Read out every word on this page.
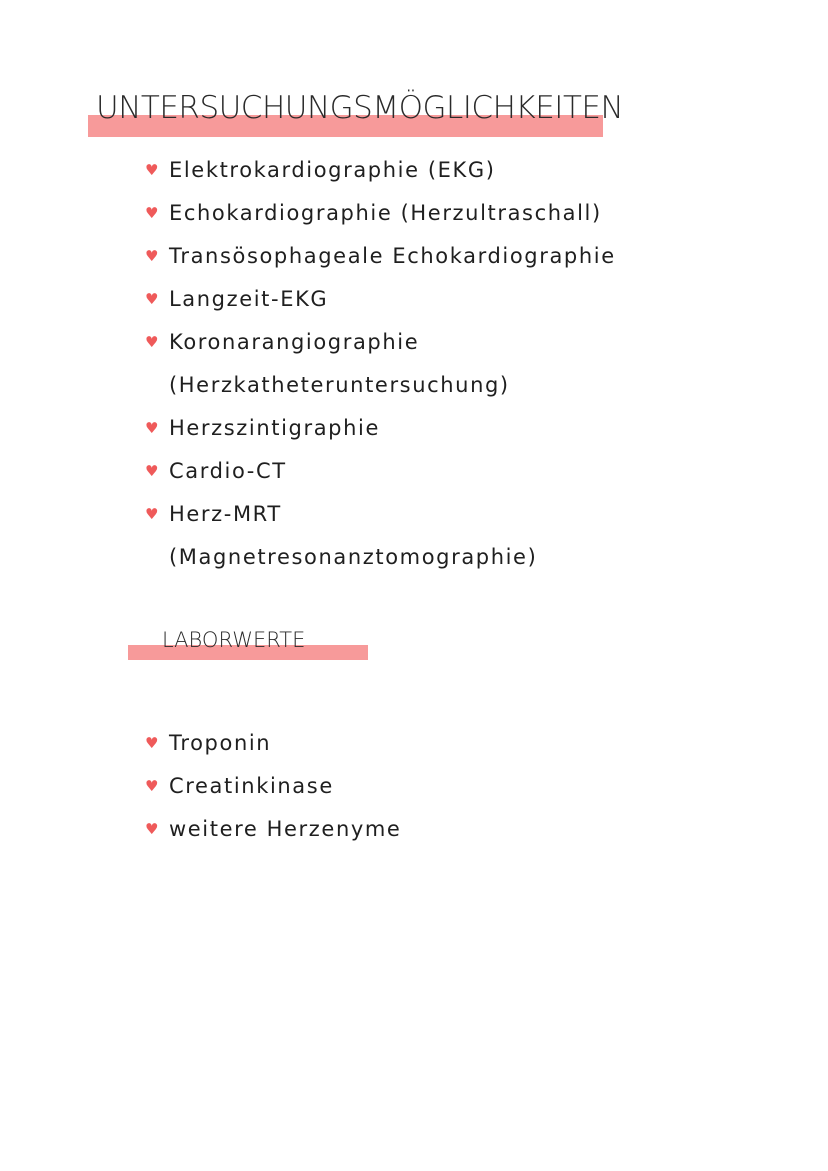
UNTERSUCHUNGSMÖGLICHKEITEN
♥ Elektrokardiographie (EKG)
♥ Echokardiographie (Herzultraschall)
♥ Transösophageale Echokardiographie
♥ Langzeit-EKG
♥ Koronarangiographie
(Herzkatheteruntersuchung)
♥ Herzszintigraphie
♥ Cardio-CT
♥ Herz-MRT
(Magnetresonanztomographie)
LABORWERTE
♥ Troponin
♥ Creatinkinase
♥ weitere Herzenyme
